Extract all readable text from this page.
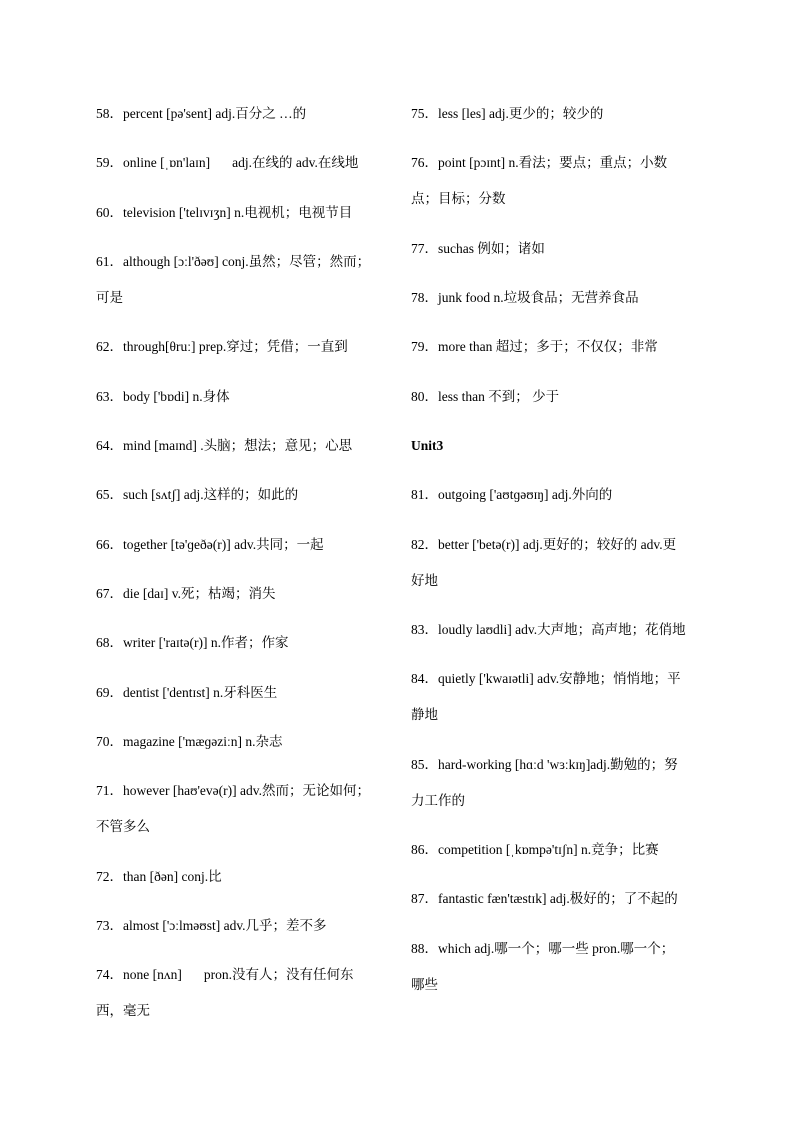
58．percent [pə'sent] adj.百分之 …的
59．online [ˌɒn'laɪn] adj.在线的 adv.在线地
60．television ['telɪvɪʒn] n.电视机；电视节目
61．although [ɔːl'ðəʊ] conj.虽然；尽管；然而；
可是
62．through[θruː] prep.穿过；凭借；一直到
63．body ['bɒdi] n.身体
64．mind [maɪnd] .头脑；想法；意见；心思
65．such [sʌtʃ] adj.这样的；如此的
66．together [tə'ɡeðə(r)] adv.共同；一起
67．die [daɪ] v.死；枯竭；消失
68．writer ['raɪtə(r)] n.作者；作家
69．dentist ['dentɪst] n.牙科医生
70．magazine ['mæɡəziːn] n.杂志
71．however [haʊ'evə(r)] adv.然而；无论如何；
不管多么
72．than [ðən] conj.比
73．almost ['ɔːlməʊst] adv.几乎；差不多
74．none [nʌn] pron.没有人；没有任何东
西，毫无
75．less [les] adj.更少的；较少的
76．point [pɔɪnt] n.看法；要点；重点；小数
点；目标；分数
77．suchas 例如；诸如
78．junk food n.垃圾食品；无营养食品
79．more than 超过；多于；不仅仅；非常
80．less than 不到； 少于
Unit3
81．outgoing ['aʊtɡəʊɪŋ] adj.外向的
82．better ['betə(r)] adj.更好的；较好的 adv.更
好地
83．loudly laʊdli] adv.大声地；高声地；花俏地
84．quietly ['kwaɪətli] adv.安静地；悄悄地；平
静地
85．hard-working [hɑːd 'wɜːkɪŋ]adj.勤勉的；努
力工作的
86．competition [ˌkɒmpə'tɪʃn] n.竞争；比赛
87．fantastic fæn'tæstɪk] adj.极好的；了不起的
88．which adj.哪一个；哪一些 pron.哪一个；
哪些
